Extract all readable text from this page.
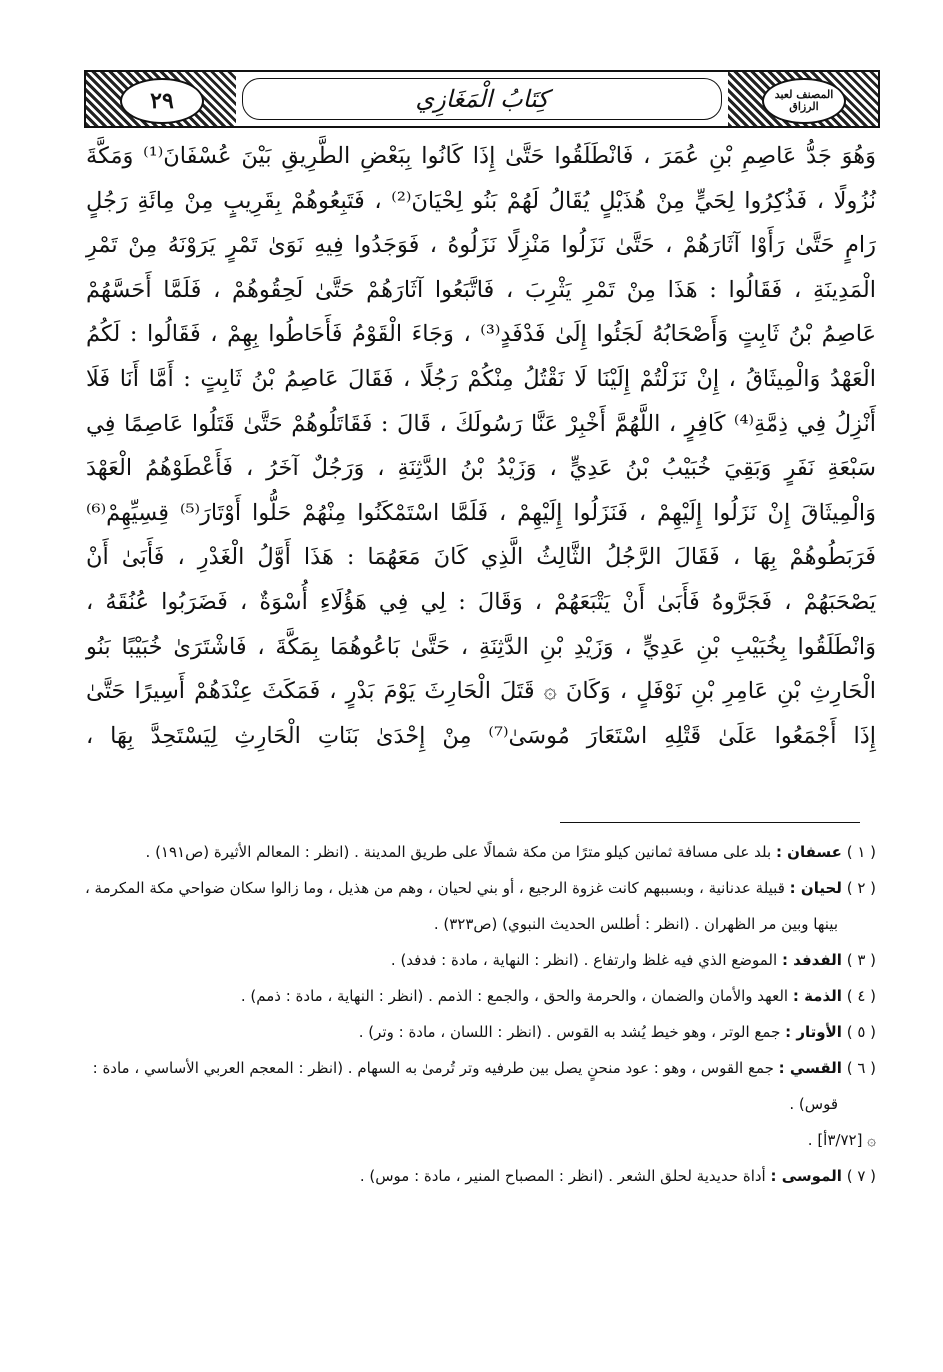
٢٩	كِتَابُ الْمَغَازِي	المصنف لعبد الرزاق
وَهُوَ جَدُّ عَاصِمِ بْنِ عُمَرَ ، فَانْطَلَقُوا حَتَّىٰ إِذَا كَانُوا بِبَعْضِ الطَّرِيقِ بَيْنَ عُسْفَانَ⁽¹⁾ وَمَكَّةَ
نُزُولًا ، فَذُكِرُوا لِحَيٍّ مِنْ هُذَيْلٍ يُقَالُ لَهُمْ بَنُو لِحْيَانَ⁽²⁾ ، فَتَبِعُوهُمْ بِقَرِيبٍ مِنْ مِائَةِ رَجُلٍ
رَامٍ حَتَّىٰ رَأَوْا آثَارَهُمْ ، حَتَّىٰ نَزَلُوا مَنْزِلًا نَزَلُوهُ ، فَوَجَدُوا فِيهِ نَوَىٰ تَمْرٍ يَرَوْنَهُ مِنْ تَمْرِ
الْمَدِينَةِ ، فَقَالُوا : هَذَا مِنْ تَمْرِ يَثْرِبَ ، فَاتَّبَعُوا آثَارَهُمْ حَتَّىٰ لَحِقُوهُمْ ، فَلَمَّا أَحَسَّهُمْ
عَاصِمُ بْنُ ثَابِتٍ وَأَصْحَابُهُ لَجَئُوا إِلَىٰ فَدْفَدٍ⁽³⁾ ، وَجَاءَ الْقَوْمُ فَأَحَاطُوا بِهِمْ ، فَقَالُوا : لَكُمُ
الْعَهْدُ وَالْمِيثَاقُ ، إِنْ نَزَلْتُمْ إِلَيْنَا لَا نَقْتُلُ مِنْكُمْ رَجُلًا ، فَقَالَ عَاصِمُ بْنُ ثَابِتٍ : أَمَّا أَنَا فَلَا
أَنْزِلُ فِي ذِمَّةِ⁽⁴⁾ كَافِرٍ ، اللَّهُمَّ أَخْبِرْ عَنَّا رَسُولَكَ ، قَالَ : فَقَاتَلُوهُمْ حَتَّىٰ قَتَلُوا عَاصِمًا فِي
سَبْعَةِ نَفَرٍ وَبَقِيَ خُبَيْبُ بْنُ عَدِيٍّ ، وَزَيْدُ بْنُ الدَّثِنَةِ ، وَرَجُلٌ آخَرُ ، فَأَعْطَوْهُمُ الْعَهْدَ
وَالْمِيثَاقَ إِنْ نَزَلُوا إِلَيْهِمْ ، فَنَزَلُوا إِلَيْهِمْ ، فَلَمَّا اسْتَمْكَنُوا مِنْهُمْ حَلُّوا أَوْتَارَ⁽⁵⁾ قِسِيِّهِمْ⁽⁶⁾
فَرَبَطُوهُمْ بِهَا ، فَقَالَ الرَّجُلُ الثَّالِثُ الَّذِي كَانَ مَعَهُمَا : هَذَا أَوَّلُ الْغَدْرِ ، فَأَبَىٰ أَنْ
يَصْحَبَهُمْ ، فَجَرَّوهُ فَأَبَىٰ أَنْ يَتْبَعَهُمْ ، وَقَالَ : لِي فِي هَؤُلَاءِ أُسْوَةٌ ، فَضَرَبُوا عُنُقَهُ ،
وَانْطَلَقُوا بِخُبَيْبِ بْنِ عَدِيٍّ ، وَزَيْدِ بْنِ الدَّثِنَةِ ، حَتَّىٰ بَاعُوهُمَا بِمَكَّةَ ، فَاشْتَرَىٰ خُبَيْبًا بَنُو
الْحَارِثِ بْنِ عَامِرِ بْنِ نَوْفَلٍ ، وَكَانَ ۞ قَتَلَ الْحَارِثَ يَوْمَ بَدْرٍ ، فَمَكَثَ عِنْدَهُمْ أَسِيرًا حَتَّىٰ
إِذَا أَجْمَعُوا عَلَىٰ قَتْلِهِ اسْتَعَارَ مُوسَىٰ⁽⁷⁾ مِنْ إِحْدَىٰ بَنَاتِ الْحَارِثِ لِيَسْتَحِدَّ بِهَا ،
( ١ ) عسفان : بلد على مسافة ثمانين كيلو مترًا من مكة شمالًا على طريق المدينة . (انظر : المعالم الأثيرة (ص١٩١) .
( ٢ ) لحيان : قبيلة عدنانية ، وبسببهم كانت غزوة الرجيع ، أو بني لحيان ، وهم من هذيل ، وما زالوا سكان ضواحي مكة المكرمة ، بينها وبين مر الظهران . (انظر : أطلس الحديث النبوي) (ص٣٢٣) .
( ٣ ) الفدفد : الموضع الذي فيه غلظ وارتفاع . (انظر : النهاية ، مادة : فدفد) .
( ٤ ) الذمة : العهد والأمان والضمان ، والحرمة والحق ، والجمع : الذمم . (انظر : النهاية ، مادة : ذمم) .
( ٥ ) الأوتار : جمع الوتر ، وهو خيط يُشد به القوس . (انظر : اللسان ، مادة : وتر) .
( ٦ ) القسي : جمع القوس ، وهو : عود منحنٍ يصل بين طرفيه وتر تُرمىٰ به السهام . (انظر : المعجم العربي الأساسي ، مادة : قوس) .
۞ [٣/٧٢أ] .
( ٧ ) الموسى : أداة حديدية لحلق الشعر . (انظر : المصباح المنير ، مادة : موس) .
